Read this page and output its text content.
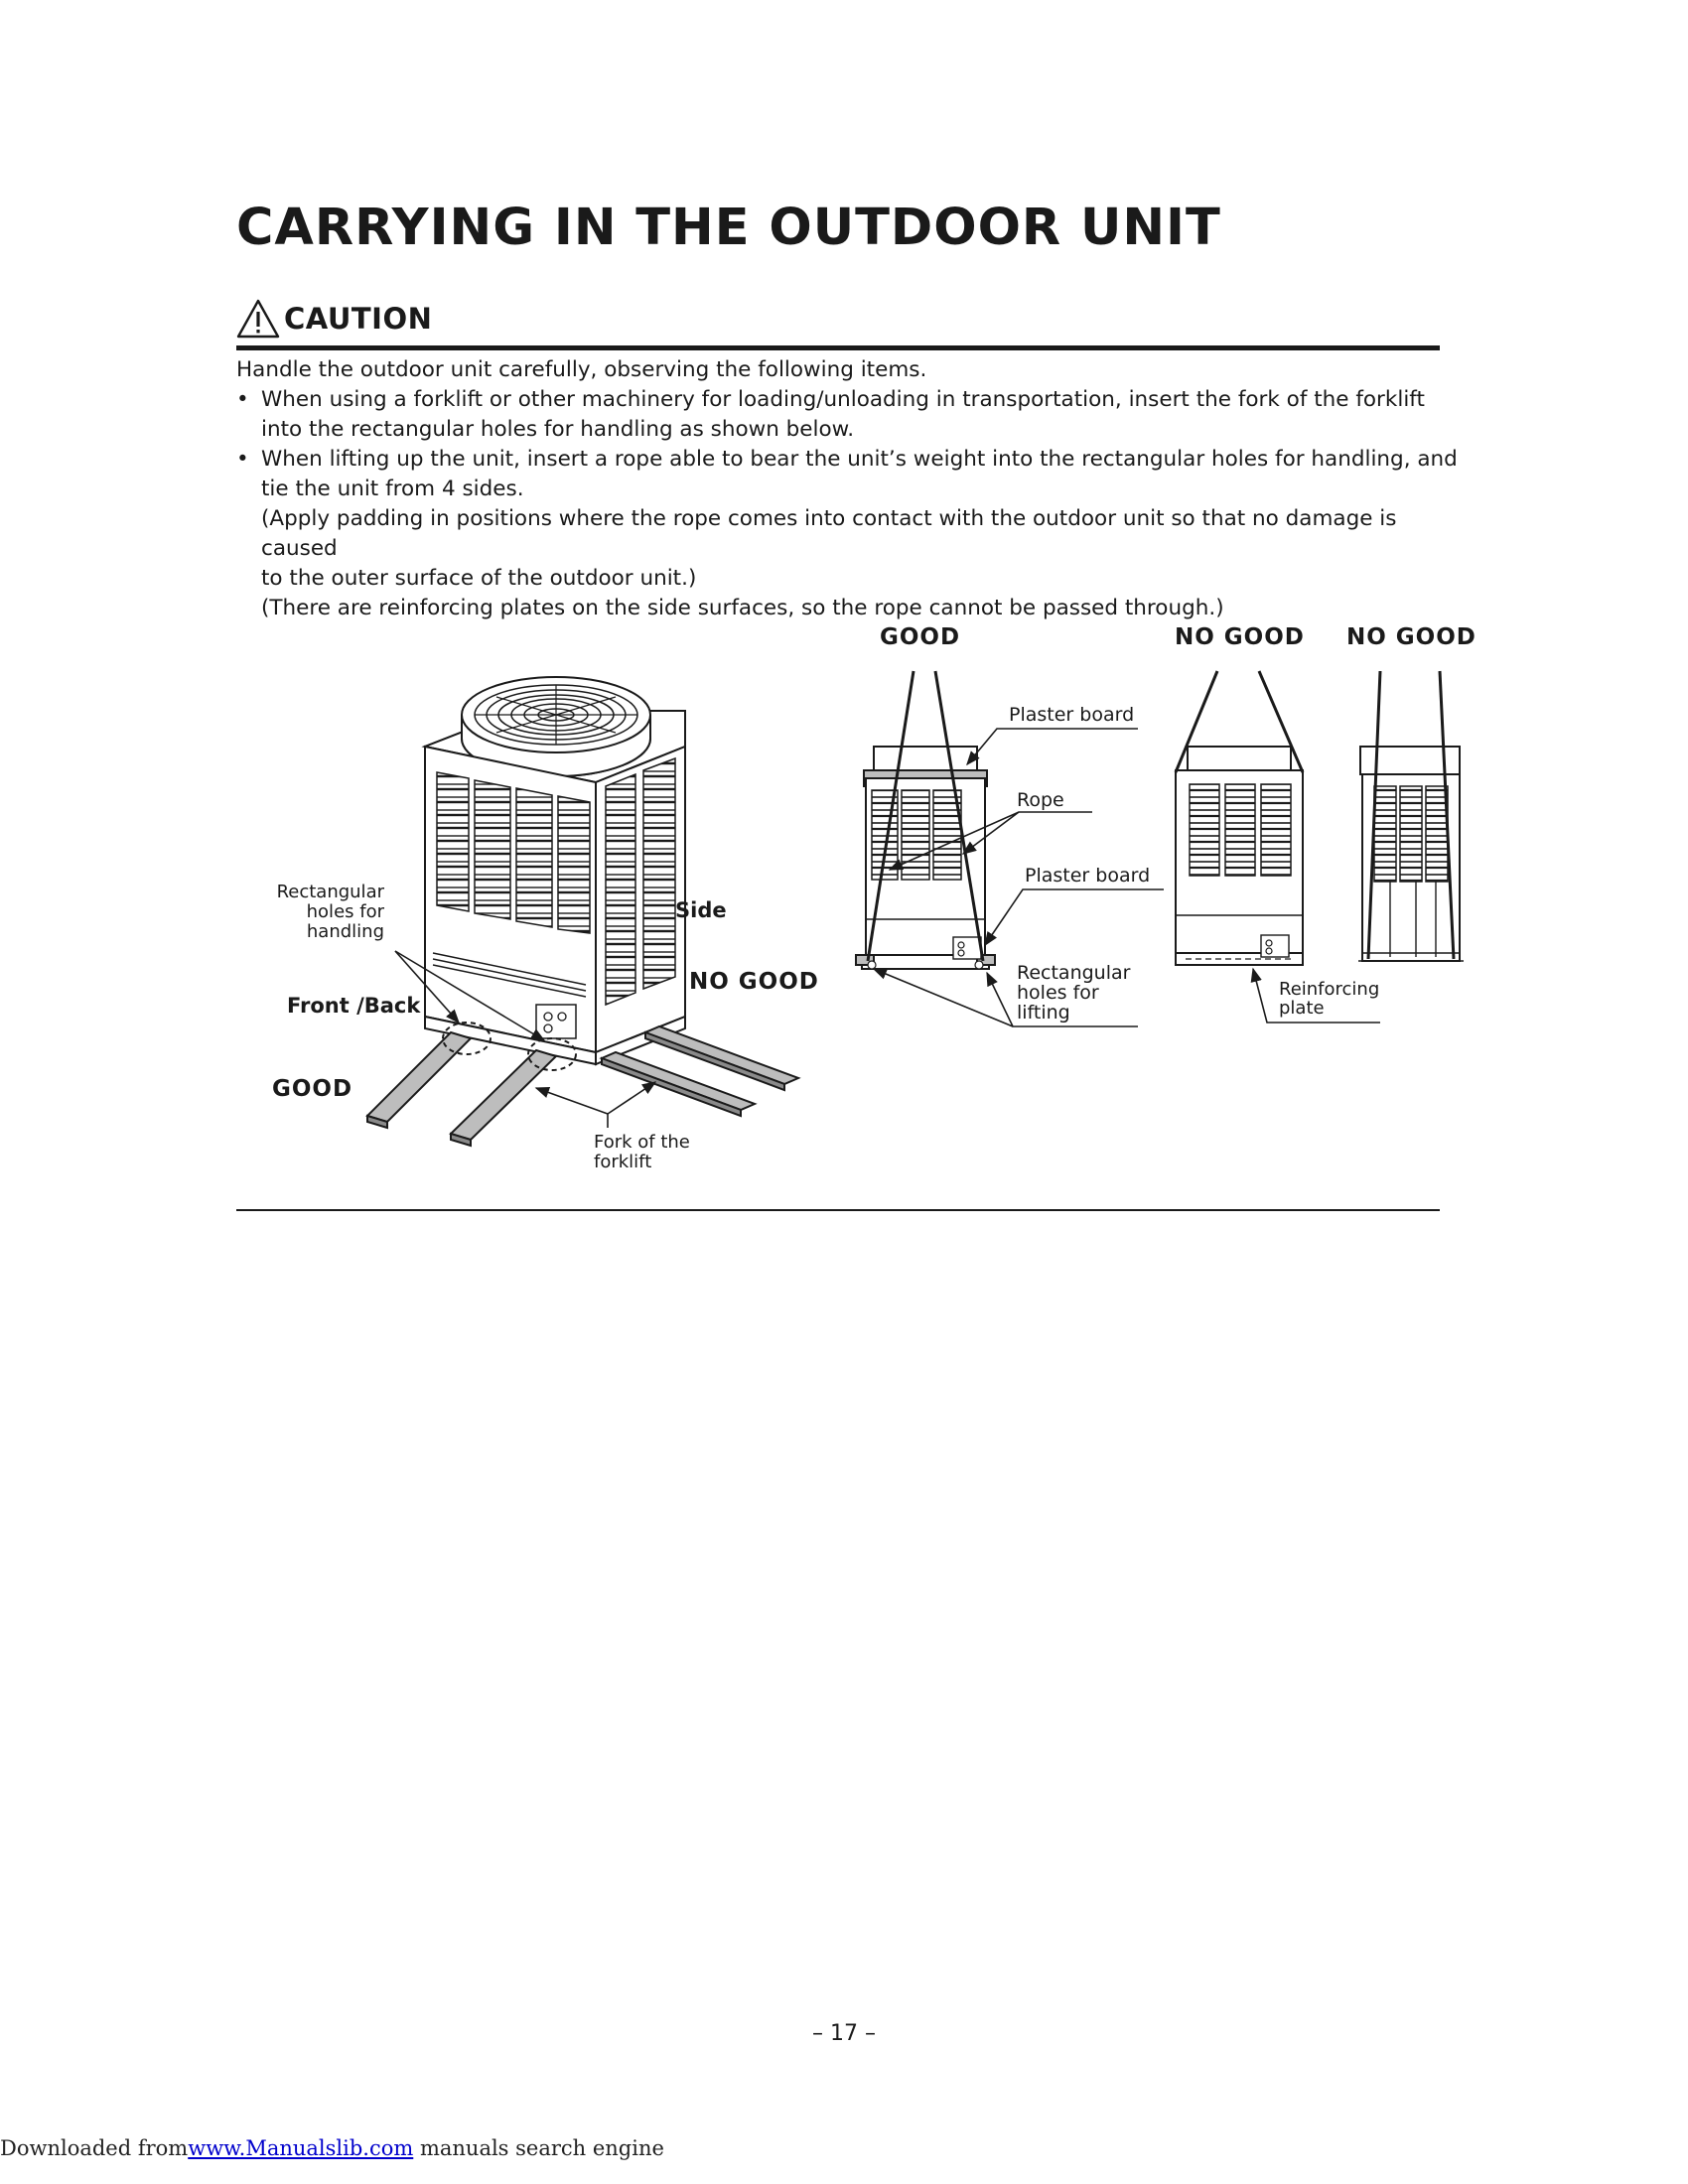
CARRYING IN THE OUTDOOR UNIT
CAUTION

Handle the outdoor unit carefully, observing the following items.

• When using a forklift or other machinery for loading/unloading in transportation, insert the fork of the forklift

into the rectangular holes for handling as shown below.

• When lifting up the unit, insert a rope able to bear the unit’s weight into the rectangular holes for handling, and

tie the unit from 4 sides.

(Apply padding in positions where the rope comes into contact with the outdoor unit so that no damage is caused

to the outer surface of the outdoor unit.)

(There are reinforcing plates on the side surfaces, so the rope cannot be passed through.)

Rectangular
holes for
handling
Front /Back
Side
NO GOOD
GOOD
Fork of the
forklift
GOOD	NO GOOD NO GOOD
Plaster board
Rope
Plaster board
Rectangular
holes for
lifting
Reinforcing
plate
– 17 –
Downloaded fromwww.Manualslib.com manuals search engine
